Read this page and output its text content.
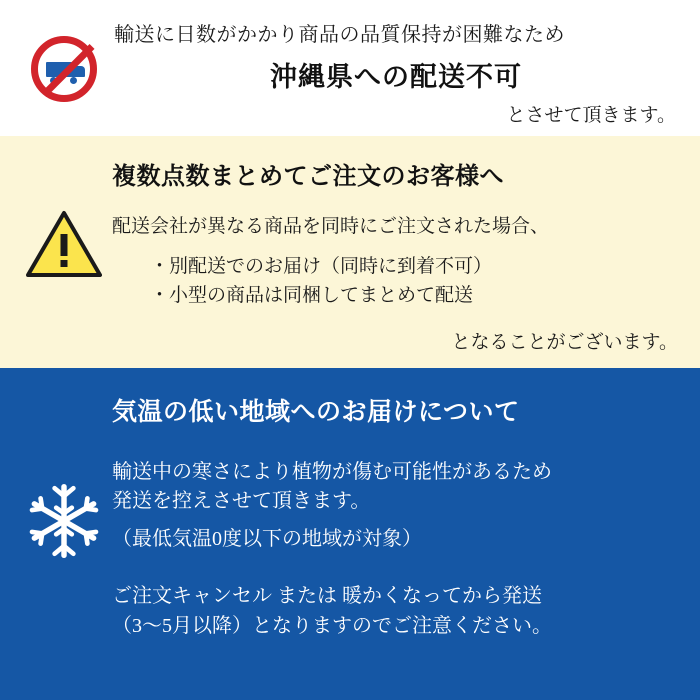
輸送に日数がかかり商品の品質保持が困難なため
沖縄県への配送不可
とさせて頂きます。
複数点数まとめてご注文のお客様へ
配送会社が異なる商品を同時にご注文された場合、
・別配送でのお届け（同時に到着不可）
・小型の商品は同梱してまとめて配送
となることがございます。
気温の低い地域へのお届けについて
輸送中の寒さにより植物が傷む可能性があるため
発送を控えさせて頂きます。
（最低気温0度以下の地域が対象）
ご注文キャンセル または 暖かくなってから発送
（3〜5月以降）となりますのでご注意ください。
